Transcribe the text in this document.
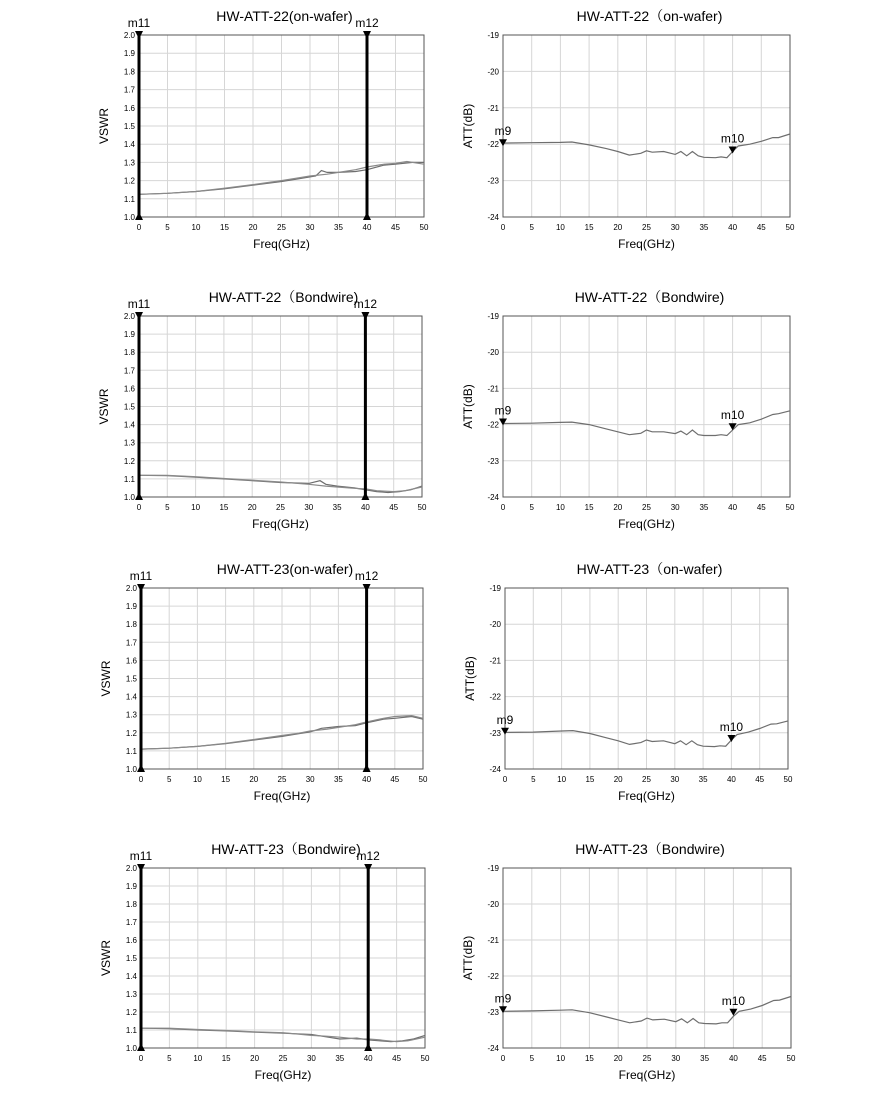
0	5	10 15 20 25 30 35 40 45 50
1.0
1.1
1.2
1.3
1.4
1.5
1.6
1.7
1.8
1.9
2.0
HW-ATT-22(on-wafer)
Freq(GHz)
VSWR
m11	m12
0	5	10 15 20 25 30 35 40 45 50
-24
-23
-22
-21
-20
-19
HW-ATT-22（on-wafer)
Freq(GHz)
ATT(dB) m9
m10
0	5	10 15 20 25 30 35 40 45 50
1.0
1.1
1.2
1.3
1.4
1.5
1.6
1.7
1.8
1.9
2.0
HW-ATT-22（Bondwire)
Freq(GHz)
VSWR
m11	m12
0	5	10 15 20 25 30 35 40 45 50
-24
-23
-22
-21
-20
-19
HW-ATT-22（Bondwire)
Freq(GHz)
ATT(dB) m9	m10
0	5	10 15 20 25 30 35 40 45 50
1.0
1.1
1.2
1.3
1.4
1.5
1.6
1.7
1.8
1.9
2.0
HW-ATT-23(on-wafer)
Freq(GHz)
VSWR
m11	m12
0	5	10 15 20 25 30 35 40 45 50
-24
-23
-22
-21
-20
-19
HW-ATT-23（on-wafer)
Freq(GHz)
ATT(dB)
m9
m10
0	5	10 15 20 25 30 35 40 45 50
1.0
1.1
1.2
1.3
1.4
1.5
1.6
1.7
1.8
1.9
2.0
HW-ATT-23（Bondwire)
Freq(GHz)
VSWR
m11	m12
0	5	10 15 20 25 30 35 40 45 50
-24
-23
-22
-21
-20
-19
HW-ATT-23（Bondwire)
Freq(GHz)
ATT(dB)
m9	m10
